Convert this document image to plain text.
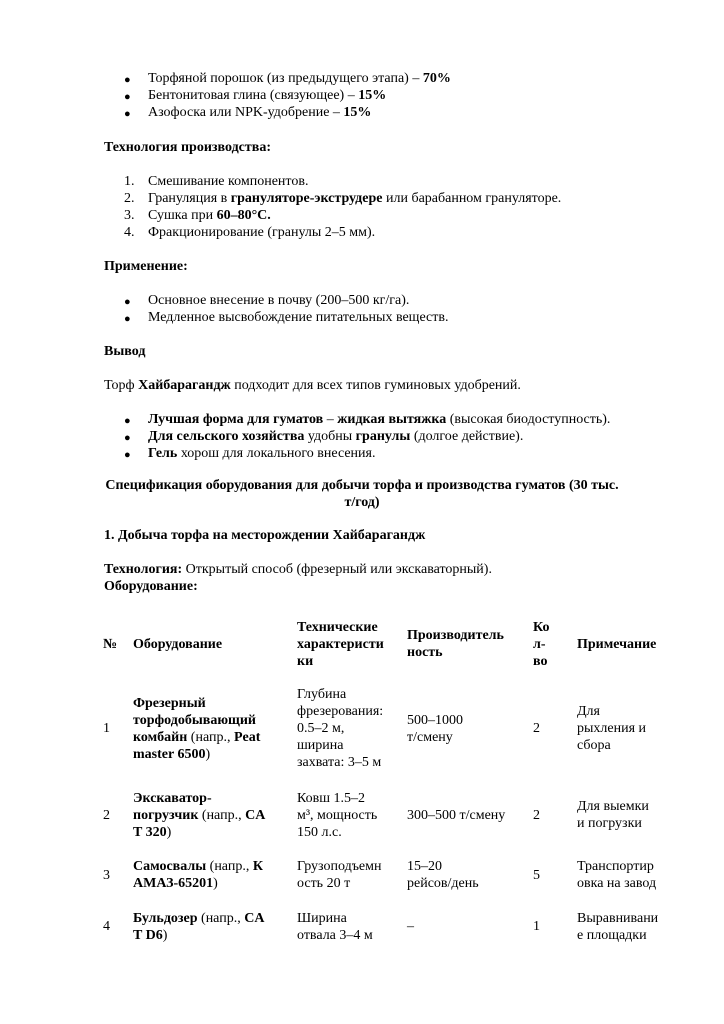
● Торфяной порошок (из предыдущего этапа) – 70%
● Бентонитовая глина (связующее) – 15%
● Азофоска или NPK-удобрение – 15%
Технология производства:
1. Смешивание компонентов.
2. Грануляция в грануляторе-экструдере или барабанном грануляторе.
3. Сушка при 60–80°С.
4. Фракционирование (гранулы 2–5 мм).
Применение:
● Основное внесение в почву (200–500 кг/га).
● Медленное высвобождение питательных веществ.
Вывод
Торф Хайбарагандж подходит для всех типов гуминовых удобрений.
● Лучшая форма для гуматов – жидкая вытяжка (высокая биодоступность).
● Для сельского хозяйства удобны гранулы (долгое действие).
● Гель хорош для локального внесения.
Спецификация оборудования для добычи торфа и производства гуматов (30 тыс.
т/год)
1. Добыча торфа на месторождении Хайбарагандж
Технология: Открытый способ (фрезерный или экскаваторный).
Оборудование:
№ Оборудование
Технические
характеристи
ки
Производитель
ность
Ко
л-
во
Примечание
1
Фрезерный
торфодобывающий
комбайн (напр., Peat
master 6500)
Глубина
фрезерования:
0.5–2 м,
ширина
захвата: 3–5 м
500–1000
т/смену
2
Для
рыхления и
сбора
2
Экскаватор-
погрузчик (напр., CA
T 320)
Ковш 1.5–2
м³, мощность
150 л.с.
300–500 т/смену 2
Для выемки
и погрузки
3
Самосвалы (напр., К
АМАЗ-65201)
Грузоподъемн
ость 20 т
15–20
рейсов/день
5
Транспортир
овка на завод
4
Бульдозер (напр., CA
T D6)
Ширина
отвала 3–4 м
–	1
Выравнивани
е площадки
